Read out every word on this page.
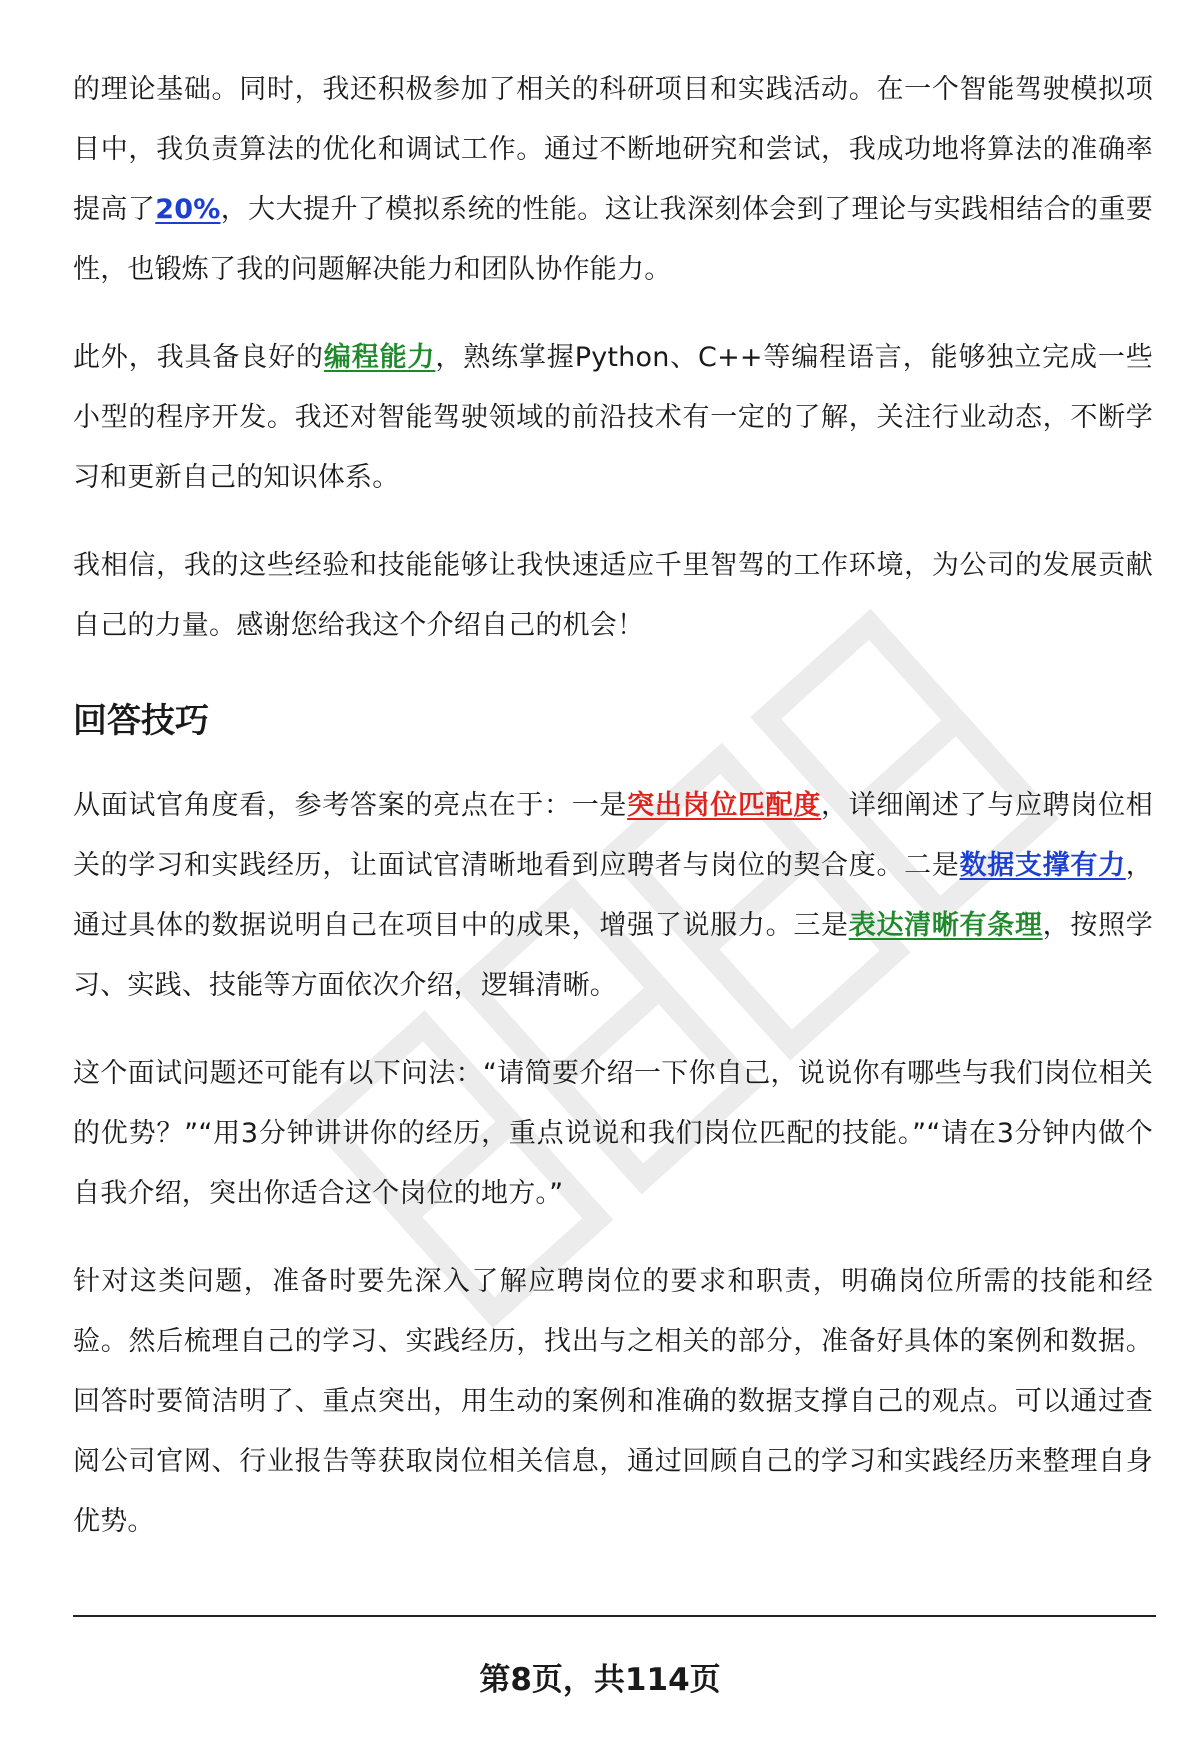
的理论基础。同时，我还积极参加了相关的科研项目和实践活动。在一个智能驾驶模拟项目中，我负责算法的优化和调试工作。通过不断地研究和尝试，我成功地将算法的准确率提高了20%，大大提升了模拟系统的性能。这让我深刻体会到了理论与实践相结合的重要性，也锻炼了我的问题解决能力和团队协作能力。

此外，我具备良好的编程能力，熟练掌握Python、C++等编程语言，能够独立完成一些小型的程序开发。我还对智能驾驶领域的前沿技术有一定的了解，关注行业动态，不断学习和更新自己的知识体系。

我相信，我的这些经验和技能能够让我快速适应千里智驾的工作环境，为公司的发展贡献自己的力量。感谢您给我这个介绍自己的机会！

回答技巧

从面试官角度看，参考答案的亮点在于：一是突出岗位匹配度，详细阐述了与应聘岗位相关的学习和实践经历，让面试官清晰地看到应聘者与岗位的契合度。二是数据支撑有力，通过具体的数据说明自己在项目中的成果，增强了说服力。三是表达清晰有条理，按照学习、实践、技能等方面依次介绍，逻辑清晰。

这个面试问题还可能有以下问法：“请简要介绍一下你自己，说说你有哪些与我们岗位相关的优势？”“用3分钟讲讲你的经历，重点说说和我们岗位匹配的技能。”“请在3分钟内做个自我介绍，突出你适合这个岗位的地方。”

针对这类问题，准备时要先深入了解应聘岗位的要求和职责，明确岗位所需的技能和经验。然后梳理自己的学习、实践经历，找出与之相关的部分，准备好具体的案例和数据。回答时要简洁明了、重点突出，用生动的案例和准确的数据支撑自己的观点。可以通过查阅公司官网、行业报告等获取岗位相关信息，通过回顾自己的学习和实践经历来整理自身优势。

第8页，共114页
